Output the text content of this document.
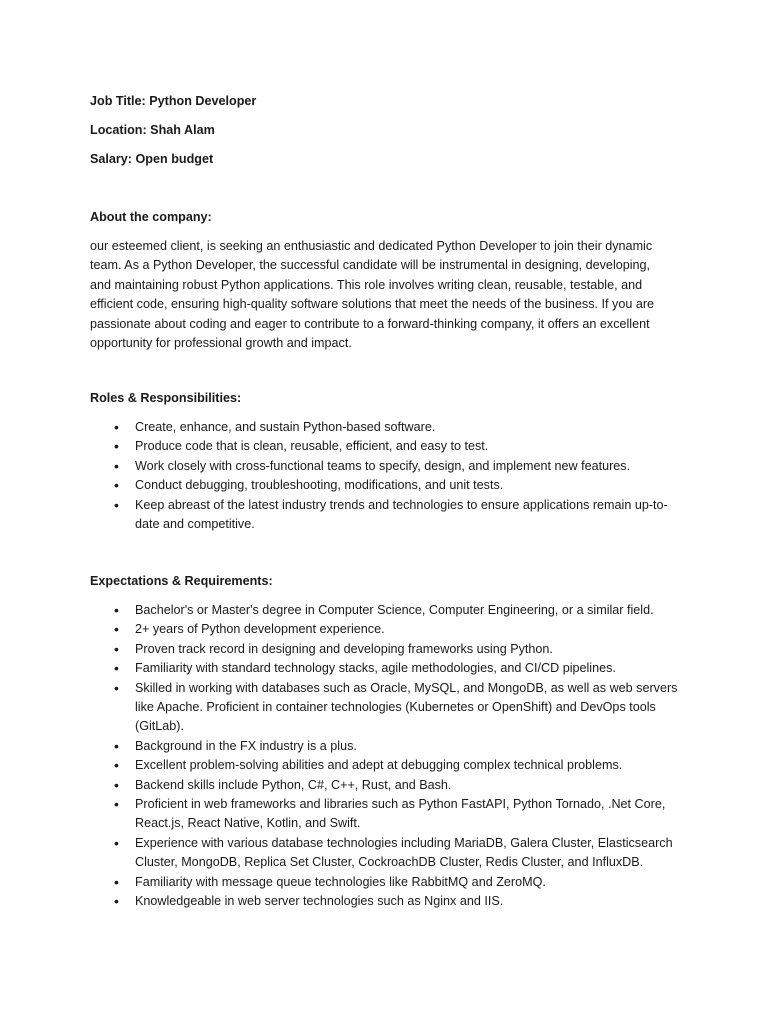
Job Title: Python Developer

Location: Shah Alam

Salary: Open budget

About the company:

our esteemed client, is seeking an enthusiastic and dedicated Python Developer to join their dynamic team. As a Python Developer, the successful candidate will be instrumental in designing, developing, and maintaining robust Python applications. This role involves writing clean, reusable, testable, and efficient code, ensuring high-quality software solutions that meet the needs of the business. If you are passionate about coding and eager to contribute to a forward-thinking company, it offers an excellent opportunity for professional growth and impact.

Roles & Responsibilities:

• Create, enhance, and sustain Python-based software.
• Produce code that is clean, reusable, efficient, and easy to test.
• Work closely with cross-functional teams to specify, design, and implement new features.
• Conduct debugging, troubleshooting, modifications, and unit tests.
• Keep abreast of the latest industry trends and technologies to ensure applications remain up-to-date and competitive.

Expectations & Requirements:

• Bachelor's or Master's degree in Computer Science, Computer Engineering, or a similar field.
• 2+ years of Python development experience.
• Proven track record in designing and developing frameworks using Python.
• Familiarity with standard technology stacks, agile methodologies, and CI/CD pipelines.
• Skilled in working with databases such as Oracle, MySQL, and MongoDB, as well as web servers like Apache. Proficient in container technologies (Kubernetes or OpenShift) and DevOps tools (GitLab).
• Background in the FX industry is a plus.
• Excellent problem-solving abilities and adept at debugging complex technical problems.
• Backend skills include Python, C#, C++, Rust, and Bash.
• Proficient in web frameworks and libraries such as Python FastAPI, Python Tornado, .Net Core, React.js, React Native, Kotlin, and Swift.
• Experience with various database technologies including MariaDB, Galera Cluster, Elasticsearch Cluster, MongoDB, Replica Set Cluster, CockroachDB Cluster, Redis Cluster, and InfluxDB.
• Familiarity with message queue technologies like RabbitMQ and ZeroMQ.
• Knowledgeable in web server technologies such as Nginx and IIS.
